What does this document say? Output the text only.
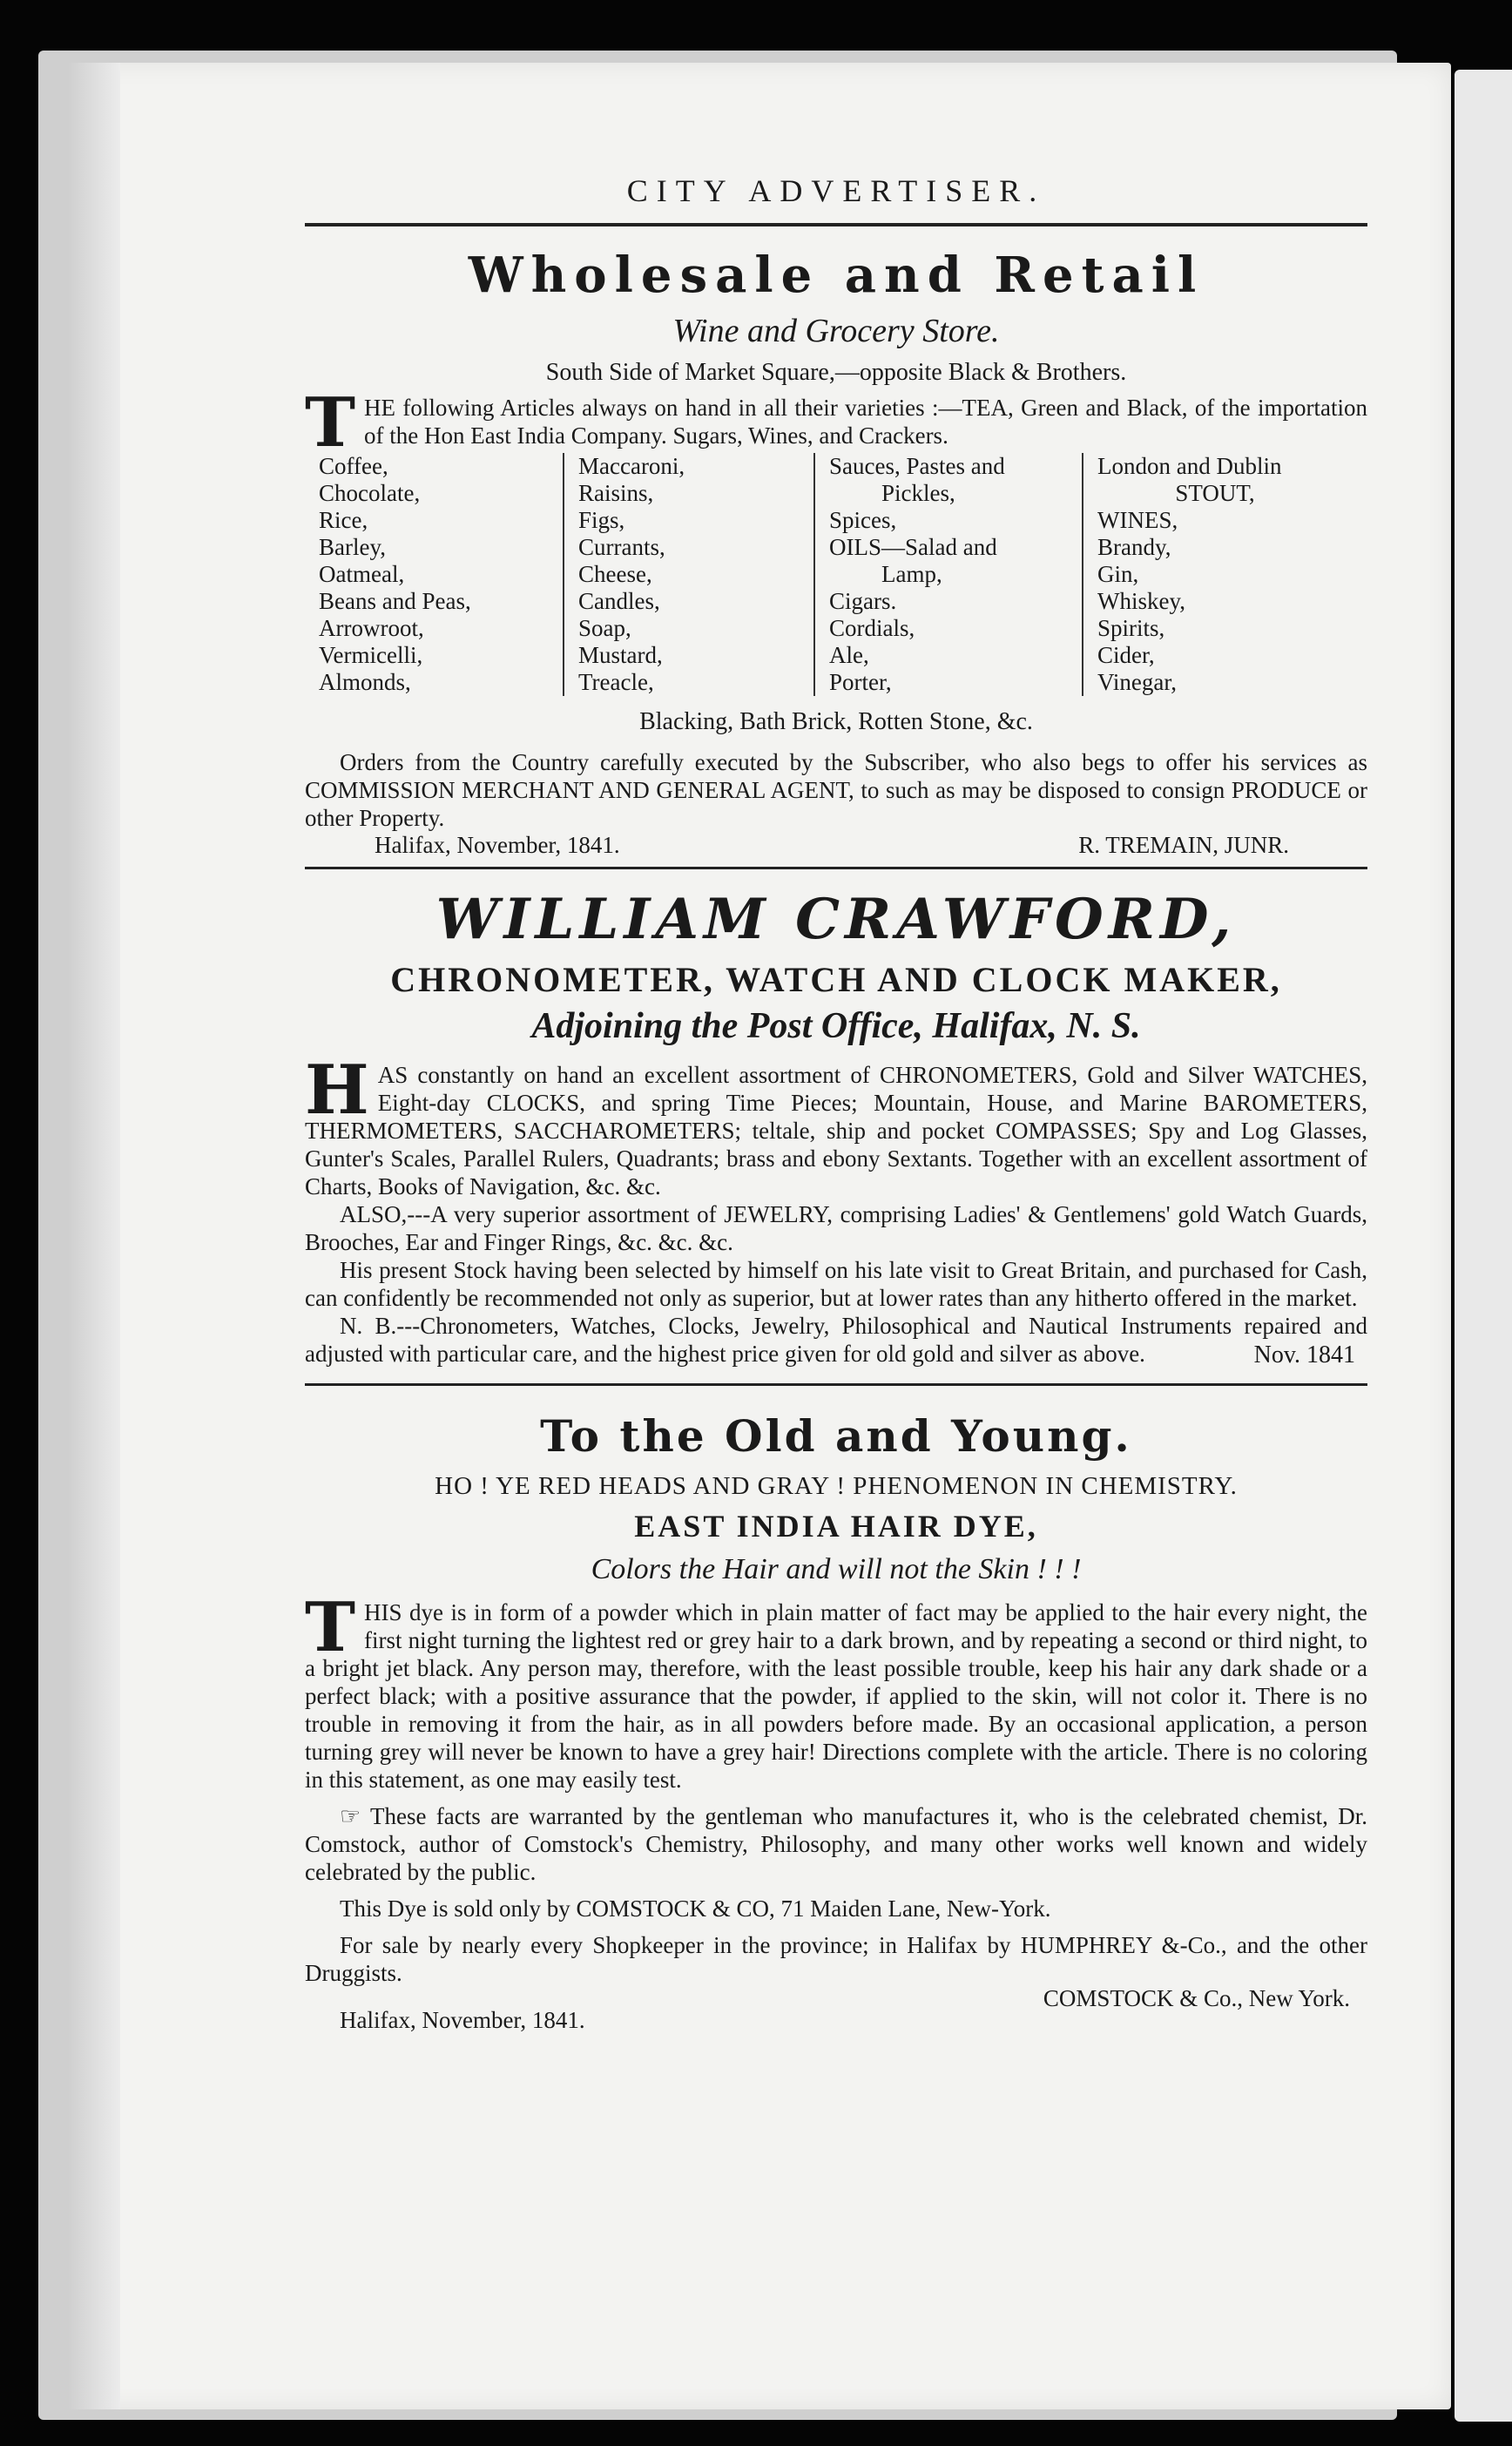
CITY ADVERTISER.
Wholesale and Retail
Wine and Grocery Store.
South Side of Market Square,—opposite Black & Brothers.
THE following Articles always on hand in all their varieties :—TEA, Green and Black, of the importation of the Hon East India Company. Sugars, Wines, and Crackers.
Coffee,
Chocolate,
Rice,
Barley,
Oatmeal,
Beans and Peas,
Arrowroot,
Vermicelli,
Almonds,
Maccaroni,
Raisins,
Figs,
Currants,
Cheese,
Candles,
Soap,
Mustard,
Treacle,
Sauces, Pastes and
Pickles,
Spices,
OILS—Salad and
Lamp,
Cigars.
Cordials,
Ale,
Porter,
London and Dublin
STOUT,
WINES,
Brandy,
Gin,
Whiskey,
Spirits,
Cider,
Vinegar,
Blacking, Bath Brick, Rotten Stone, &c.
Orders from the Country carefully executed by the Subscriber, who also begs to offer his services as COMMISSION MERCHANT AND GENERAL AGENT, to such as may be disposed to consign PRODUCE or other Property.
Halifax, November, 1841.	R. TREMAIN, JUNR.
WILLIAM CRAWFORD,
CHRONOMETER, WATCH AND CLOCK MAKER,
Adjoining the Post Office, Halifax, N. S.
HAS constantly on hand an excellent assortment of CHRONOMETERS, Gold and Silver WATCHES, Eight-day CLOCKS, and spring Time Pieces; Mountain, House, and Marine BAROMETERS, THERMOMETERS, SACCHAROMETERS; teltale, ship and pocket COMPASSES; Spy and Log Glasses, Gunter's Scales, Parallel Rulers, Quadrants; brass and ebony Sextants. Together with an excellent assortment of Charts, Books of Navigation, &c. &c.
ALSO,---A very superior assortment of JEWELRY, comprising Ladies' & Gentlemens' gold Watch Guards, Brooches, Ear and Finger Rings, &c. &c. &c.
His present Stock having been selected by himself on his late visit to Great Britain, and purchased for Cash, can confidently be recommended not only as superior, but at lower rates than any hitherto offered in the market.
N. B.---Chronometers, Watches, Clocks, Jewelry, Philosophical and Nautical Instruments repaired and adjusted with particular care, and the highest price given for old gold and silver as above.	Nov. 1841
To the Old and Young.
HO ! YE RED HEADS AND GRAY ! PHENOMENON IN CHEMISTRY.
EAST INDIA HAIR DYE,
Colors the Hair and will not the Skin ! ! !
THIS dye is in form of a powder which in plain matter of fact may be applied to the hair every night, the first night turning the lightest red or grey hair to a dark brown, and by repeating a second or third night, to a bright jet black. Any person may, therefore, with the least possible trouble, keep his hair any dark shade or a perfect black; with a positive assurance that the powder, if applied to the skin, will not color it. There is no trouble in removing it from the hair, as in all powders before made. By an occasional application, a person turning grey will never be known to have a grey hair! Directions complete with the article. There is no coloring in this statement, as one may easily test.
☞ These facts are warranted by the gentleman who manufactures it, who is the celebrated chemist, Dr. Comstock, author of Comstock's Chemistry, Philosophy, and many other works well known and widely celebrated by the public.
This Dye is sold only by COMSTOCK & CO, 71 Maiden Lane, New-York.
For sale by nearly every Shopkeeper in the province; in Halifax by HUMPHREY &-Co., and the other Druggists.
COMSTOCK & Co., New York.
Halifax, November, 1841.
